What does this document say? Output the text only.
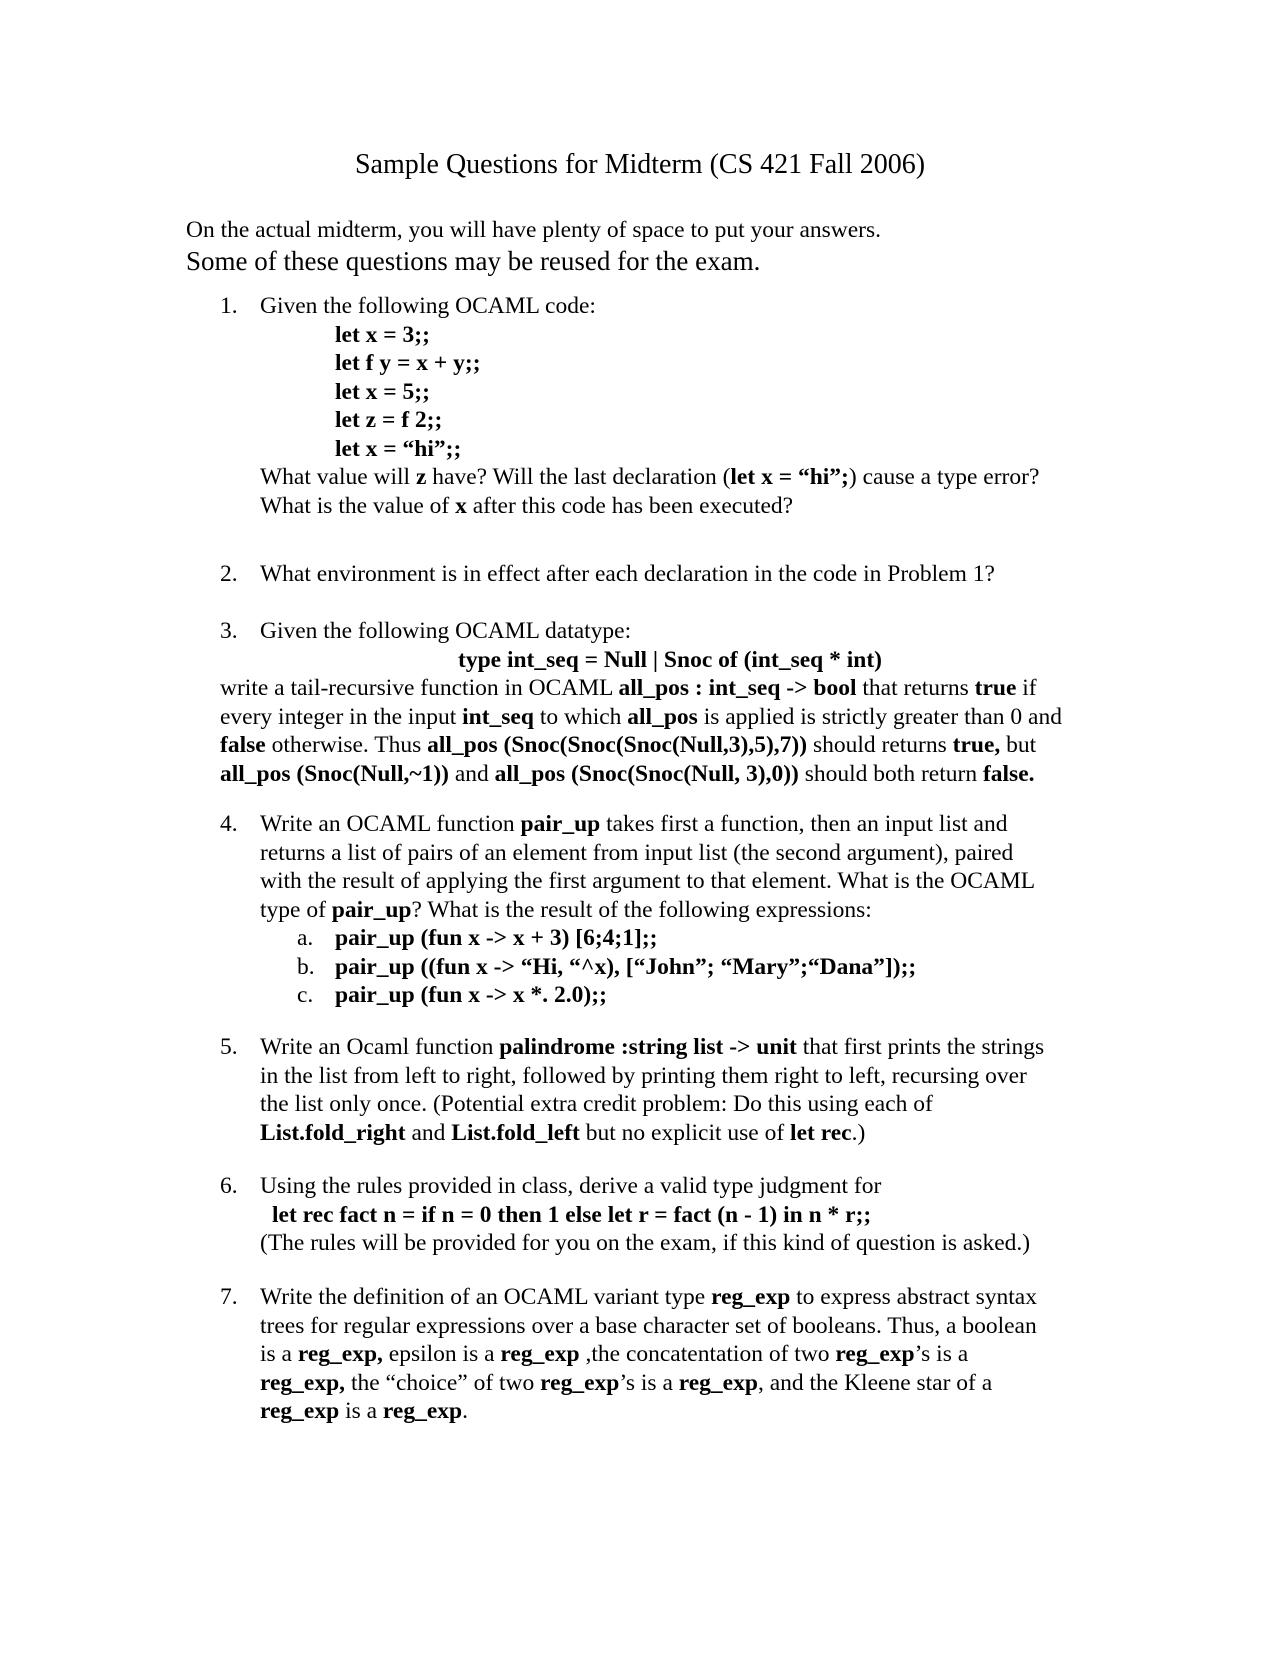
Sample Questions for Midterm (CS 421 Fall 2006)
On the actual midterm, you will have plenty of space to put your answers.
Some of these questions may be reused for the exam.
1. Given the following OCAML code:
let x = 3;;
let f y = x + y;;
let x = 5;;
let z = f 2;;
let x = “hi”;;
What value will z have? Will the last declaration (let x = “hi”;) cause a type error?
What is the value of x after this code has been executed?
2. What environment is in effect after each declaration in the code in Problem 1?
3. Given the following OCAML datatype:
type int_seq = Null | Snoc of (int_seq * int)
write a tail-recursive function in OCAML all_pos : int_seq -> bool that returns true if
every integer in the input int_seq to which all_pos is applied is strictly greater than 0 and
false otherwise. Thus all_pos (Snoc(Snoc(Snoc(Null,3),5),7)) should returns true, but
all_pos (Snoc(Null,~1)) and all_pos (Snoc(Snoc(Null, 3),0)) should both return false.
4. Write an OCAML function pair_up takes first a function, then an input list and
returns a list of pairs of an element from input list (the second argument), paired
with the result of applying the first argument to that element. What is the OCAML
type of pair_up? What is the result of the following expressions:
a. pair_up (fun x -> x + 3) [6;4;1];;
b. pair_up ((fun x -> “Hi, “^x), [“John”; “Mary”;“Dana”]);;
c. pair_up (fun x -> x *. 2.0);;
5. Write an Ocaml function palindrome :string list -> unit that first prints the strings
in the list from left to right, followed by printing them right to left, recursing over
the list only once. (Potential extra credit problem: Do this using each of
List.fold_right and List.fold_left but no explicit use of let rec.)
6. Using the rules provided in class, derive a valid type judgment for
let rec fact n = if n = 0 then 1 else let r = fact (n - 1) in n * r;;
(The rules will be provided for you on the exam, if this kind of question is asked.)
7. Write the definition of an OCAML variant type reg_exp to express abstract syntax
trees for regular expressions over a base character set of booleans. Thus, a boolean
is a reg_exp, epsilon is a reg_exp ,the concatentation of two reg_exp’s is a
reg_exp, the “choice” of two reg_exp’s is a reg_exp, and the Kleene star of a
reg_exp is a reg_exp.
